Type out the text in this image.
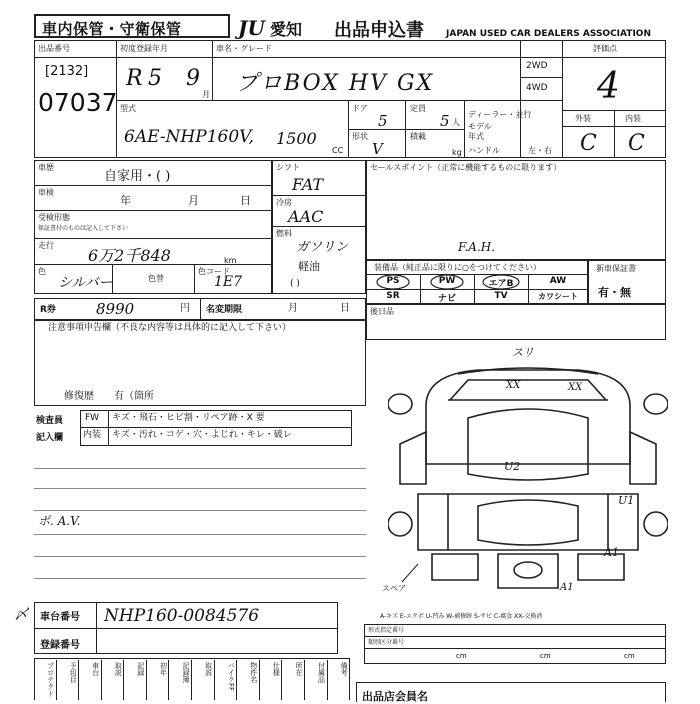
車内保管・守衛保管	JU 愛知 出品申込書 JAPAN USED CAR DEALERS ASSOCIATION
出品番号
[2132]
07037
初度登録年月
R 5 9
月
車名・グレード
プロBOX HV GX
2WD
4WD
評価点
4
外装	内装
C C
型式
6AE-NHP160V, 1500
CC
ドア
5
定員
5 人
形状
V
積載
kg
ディーラー・並行
モデル
年式
ハンドル	左・右
車歴
自家用・( )
車検
年	月	日
受検形態
保証書付のものは記入して下さい
走行
6万2千848	km
色
シルバー	色替
色コード
1E7
シフト
FAT
冷房
AAC
燃料
ガソリン
軽油
( )
セールスポイント（正常に機能するものに限ります）
F.A.H.
装備品（純正品に限りに○をつけてください）
PS	PW	エアB	AW
SR	ナビ	TV	カワシート
新車保証書
有・無
R券	8990	円 名変期限	月	日	後日品
注意事項申告欄（不良な内容等は具体的に記入して下さい）
修復歴 有（箇所
検査員
記入欄
FW キズ・飛石・ヒビ割・リペア跡・X 要
内装 キズ・汚れ・コゲ・穴・よじれ・キレ・破レ
ポ. A.V.
スリ
XX	XX
U2
U1
A1
A1
スペア
車台番号 NHP160-0084576
登録番号
〆	A-キズ E-エクボ U-凹み W-補修跡 S-サビ C-腐食 XX-交換済
形式指定番号
類別区分番号
cm	cm	cm
プロテクト	予切目	車台	取説	記録	初年	記録簿	取説	バイクFF	物件名	仕様	所在	付属品	備考
出品店会員名
